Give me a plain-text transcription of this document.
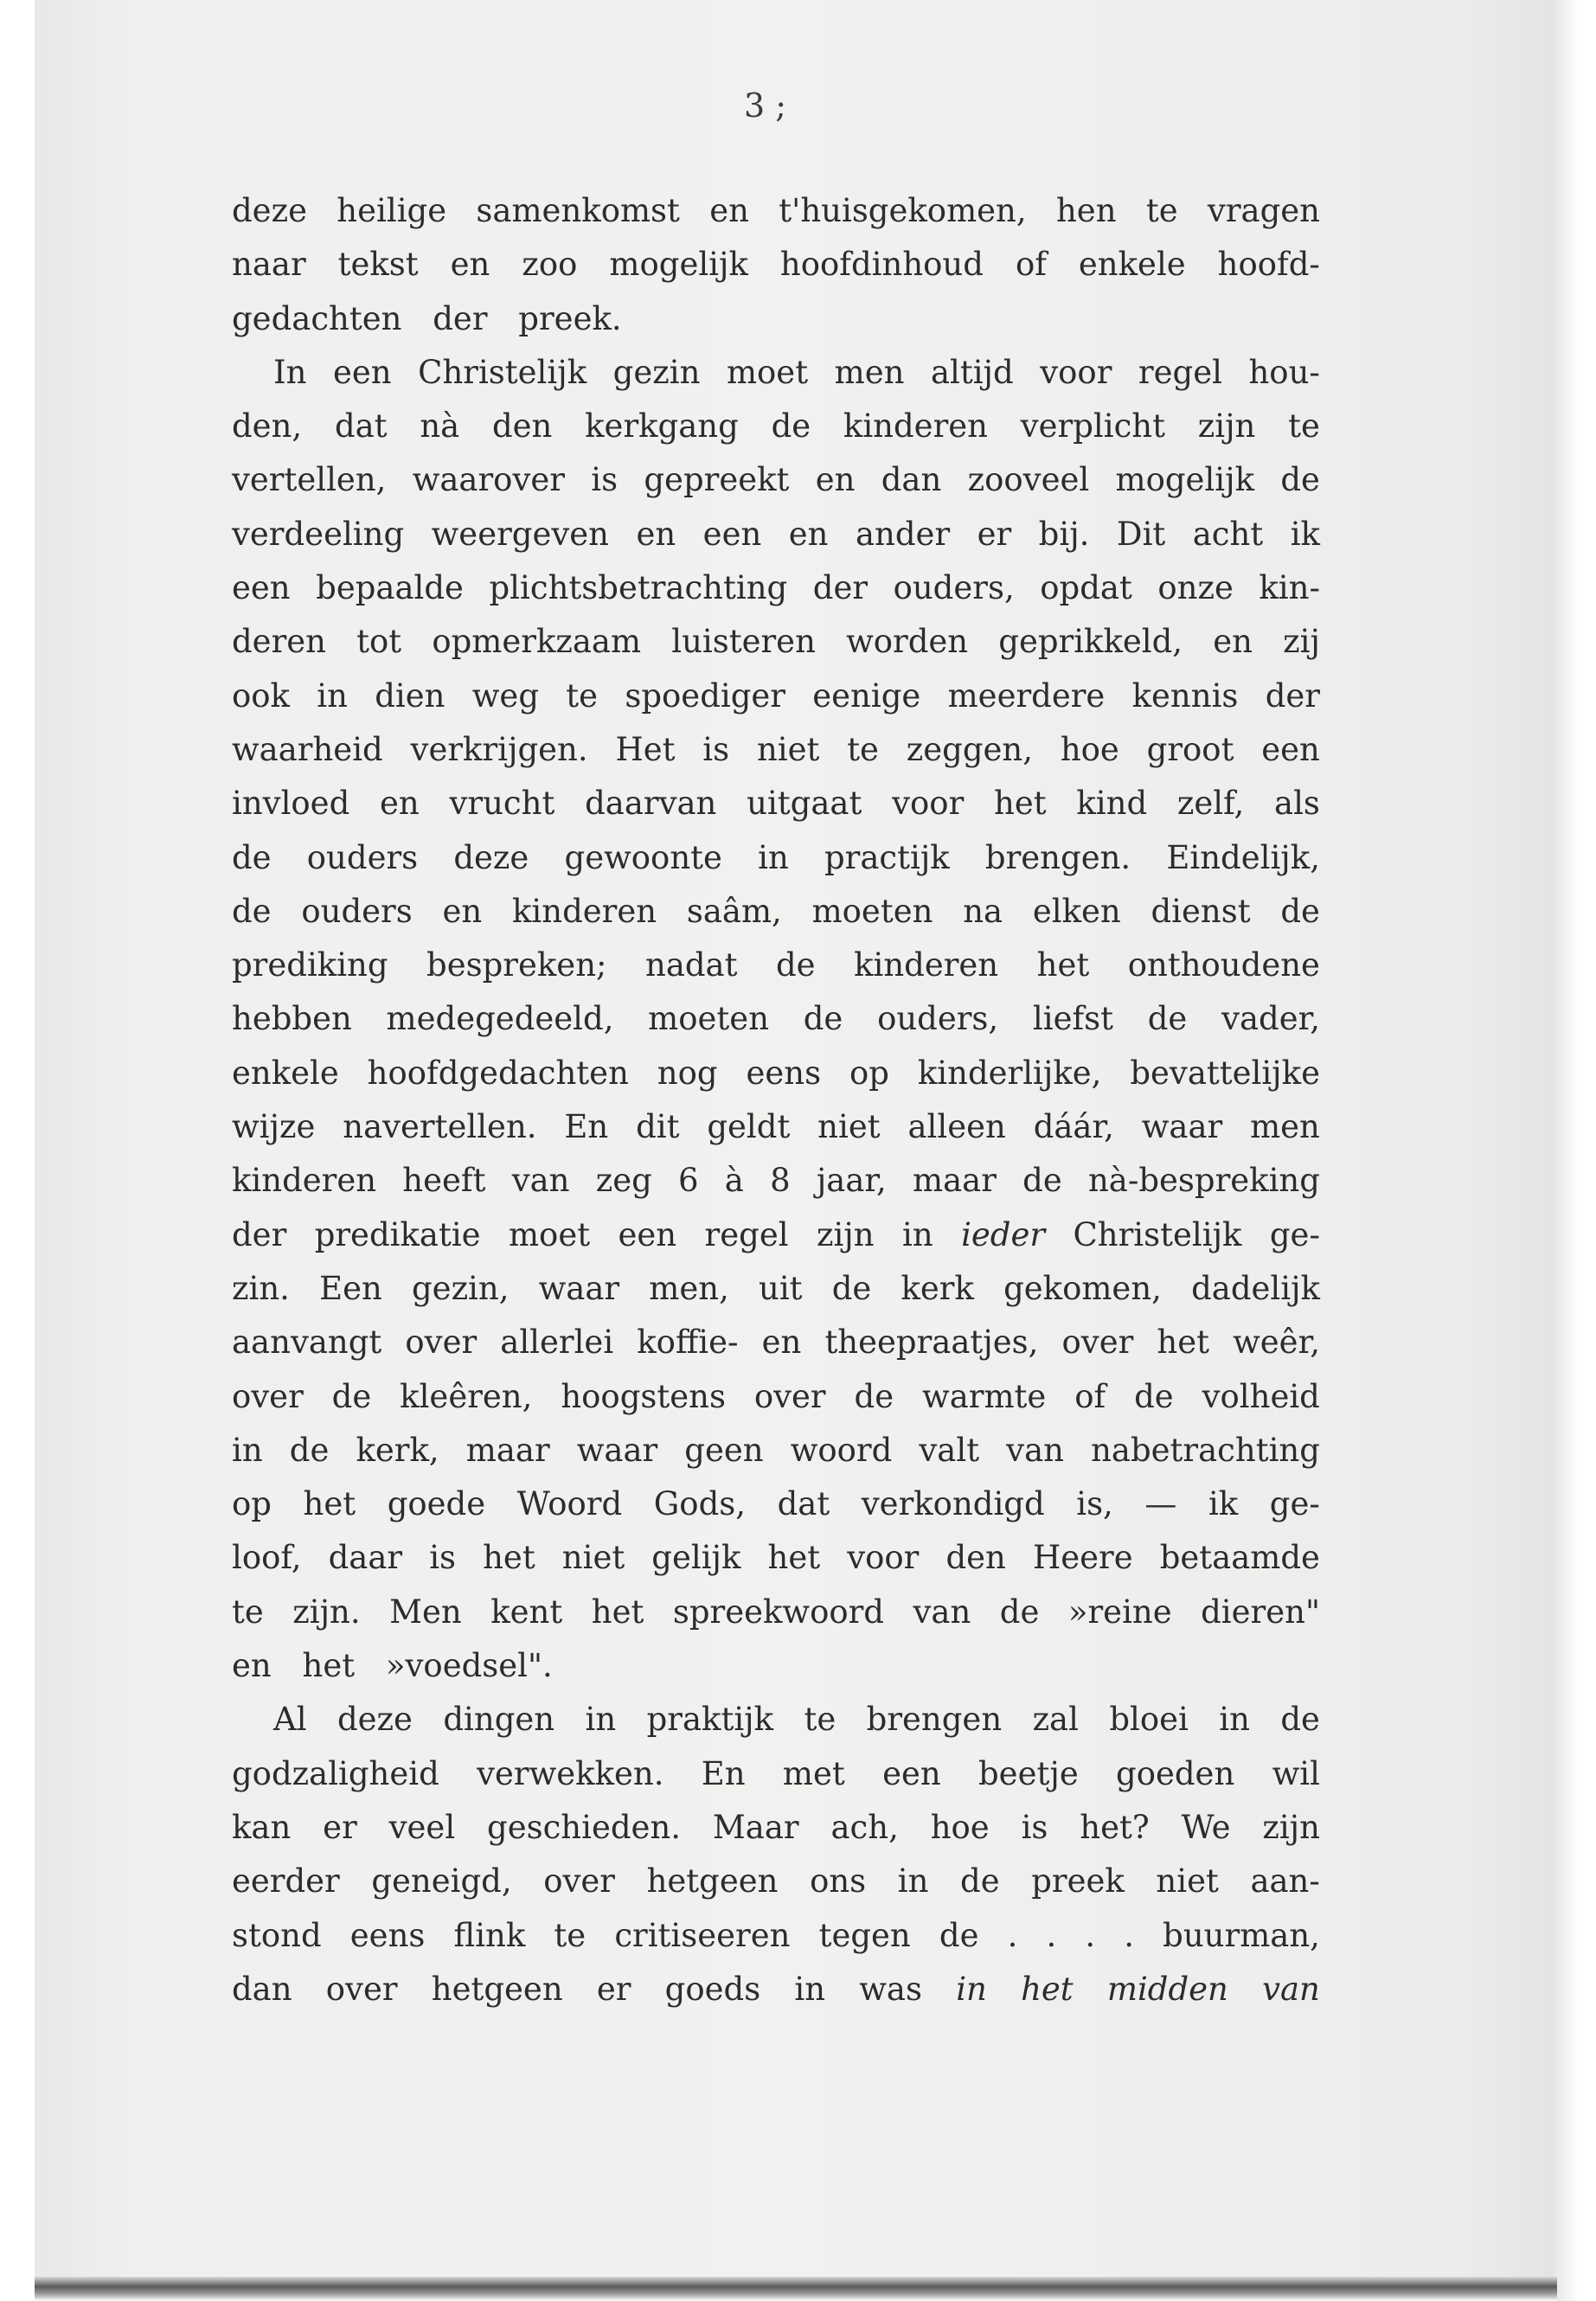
3 ;
deze heilige samenkomst en t'huisgekomen, hen te vragen
naar tekst en zoo mogelijk hoofdinhoud of enkele hoofd-
gedachten
der
preek.
In een Christelijk gezin moet men altijd voor regel hou-
den, dat nà den kerkgang de kinderen verplicht zijn te
vertellen, waarover is gepreekt en dan zooveel mogelijk de
verdeeling weergeven en een en ander er bij. Dit acht ik
een bepaalde plichtsbetrachting der ouders, opdat onze kin-
deren tot opmerkzaam luisteren worden geprikkeld, en zij
ook in dien weg te spoediger eenige meerdere kennis der
waarheid verkrijgen. Het is niet te zeggen, hoe groot een
invloed en vrucht daarvan uitgaat voor het kind zelf, als
de ouders deze gewoonte in practijk brengen. Eindelijk,
de ouders en kinderen saâm, moeten na elken dienst de
prediking bespreken; nadat de kinderen het onthoudene
hebben medegedeeld, moeten de ouders, liefst de vader,
enkele hoofdgedachten nog eens op kinderlijke, bevattelijke
wijze navertellen. En dit geldt niet alleen dáár, waar men
kinderen heeft van zeg 6 à 8 jaar, maar de nà-bespreking
der predikatie moet een regel zijn in ieder Christelijk ge-
zin. Een gezin, waar men, uit de kerk gekomen, dadelijk
aanvangt over allerlei koffie- en theepraatjes, over het weêr,
over de kleêren, hoogstens over de warmte of de volheid
in de kerk, maar waar geen woord valt van nabetrachting
op het goede Woord Gods, dat verkondigd is, — ik ge-
loof, daar is het niet gelijk het voor den Heere betaamde
te zijn. Men kent het spreekwoord van de »reine dieren"
en
het
»voedsel".
Al deze dingen in praktijk te brengen zal bloei in de
godzaligheid verwekken. En met een beetje goeden wil
kan er veel geschieden. Maar ach, hoe is het? We zijn
eerder geneigd, over hetgeen ons in de preek niet aan-
stond eens flink te critiseeren tegen de . . . . buurman,
dan over hetgeen er goeds in was in het midden van
